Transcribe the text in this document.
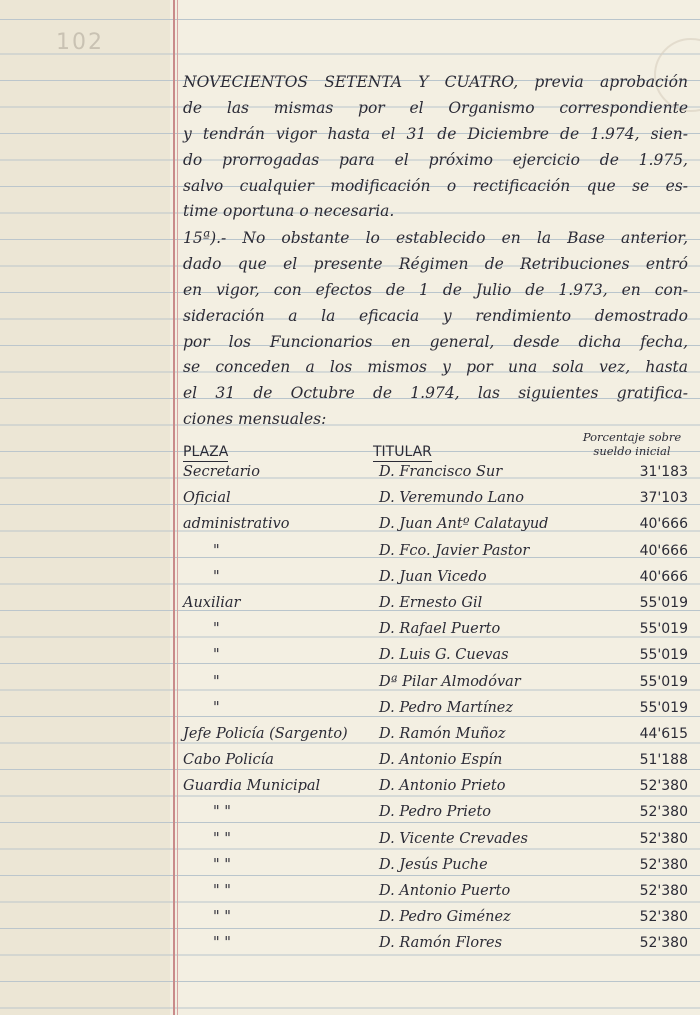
102
NOVECIENTOS SETENTA Y CUATRO, previa aprobación
de las mismas por el Organismo correspondiente
y tendrán vigor hasta el 31 de Diciembre de 1.974, sien-
do prorrogadas para el próximo ejercicio de 1.975,
salvo cualquier modificación o rectificación que se es-
time oportuna o necesaria.
15ª).- No obstante lo establecido en la Base anterior,
dado que el presente Régimen de Retribuciones entró
en vigor, con efectos de 1 de Julio de 1.973, en con-
sideración a la eficacia y rendimiento demostrado
por los Funcionarios en general, desde dicha fecha,
se conceden a los mismos y por una sola vez, hasta
el 31 de Octubre de 1.974, las siguientes gratifica-
ciones mensuales:
PLAZA	TITULAR
Porcentaje sobre
sueldo inicial
Secretario	D. Francisco Sur	31'183
Oficial	D. Veremundo Lano	37'103
administrativo	D. Juan Antº Calatayud	40'666
"	D. Fco. Javier Pastor	40'666
"	D. Juan Vicedo	40'666
Auxiliar	D. Ernesto Gil	55'019
"	D. Rafael Puerto	55'019
"	D. Luis G. Cuevas	55'019
"	Dª Pilar Almodóvar	55'019
"	D. Pedro Martínez	55'019
Jefe Policía (Sargento) D. Ramón Muñoz	44'615
Cabo Policía	D. Antonio Espín	51'188
Guardia Municipal	D. Antonio Prieto	52'380
" "	D. Pedro Prieto	52'380
" "	D. Vicente Crevades	52'380
" "	D. Jesús Puche	52'380
" "	D. Antonio Puerto	52'380
" "	D. Pedro Giménez	52'380
" "	D. Ramón Flores	52'380
